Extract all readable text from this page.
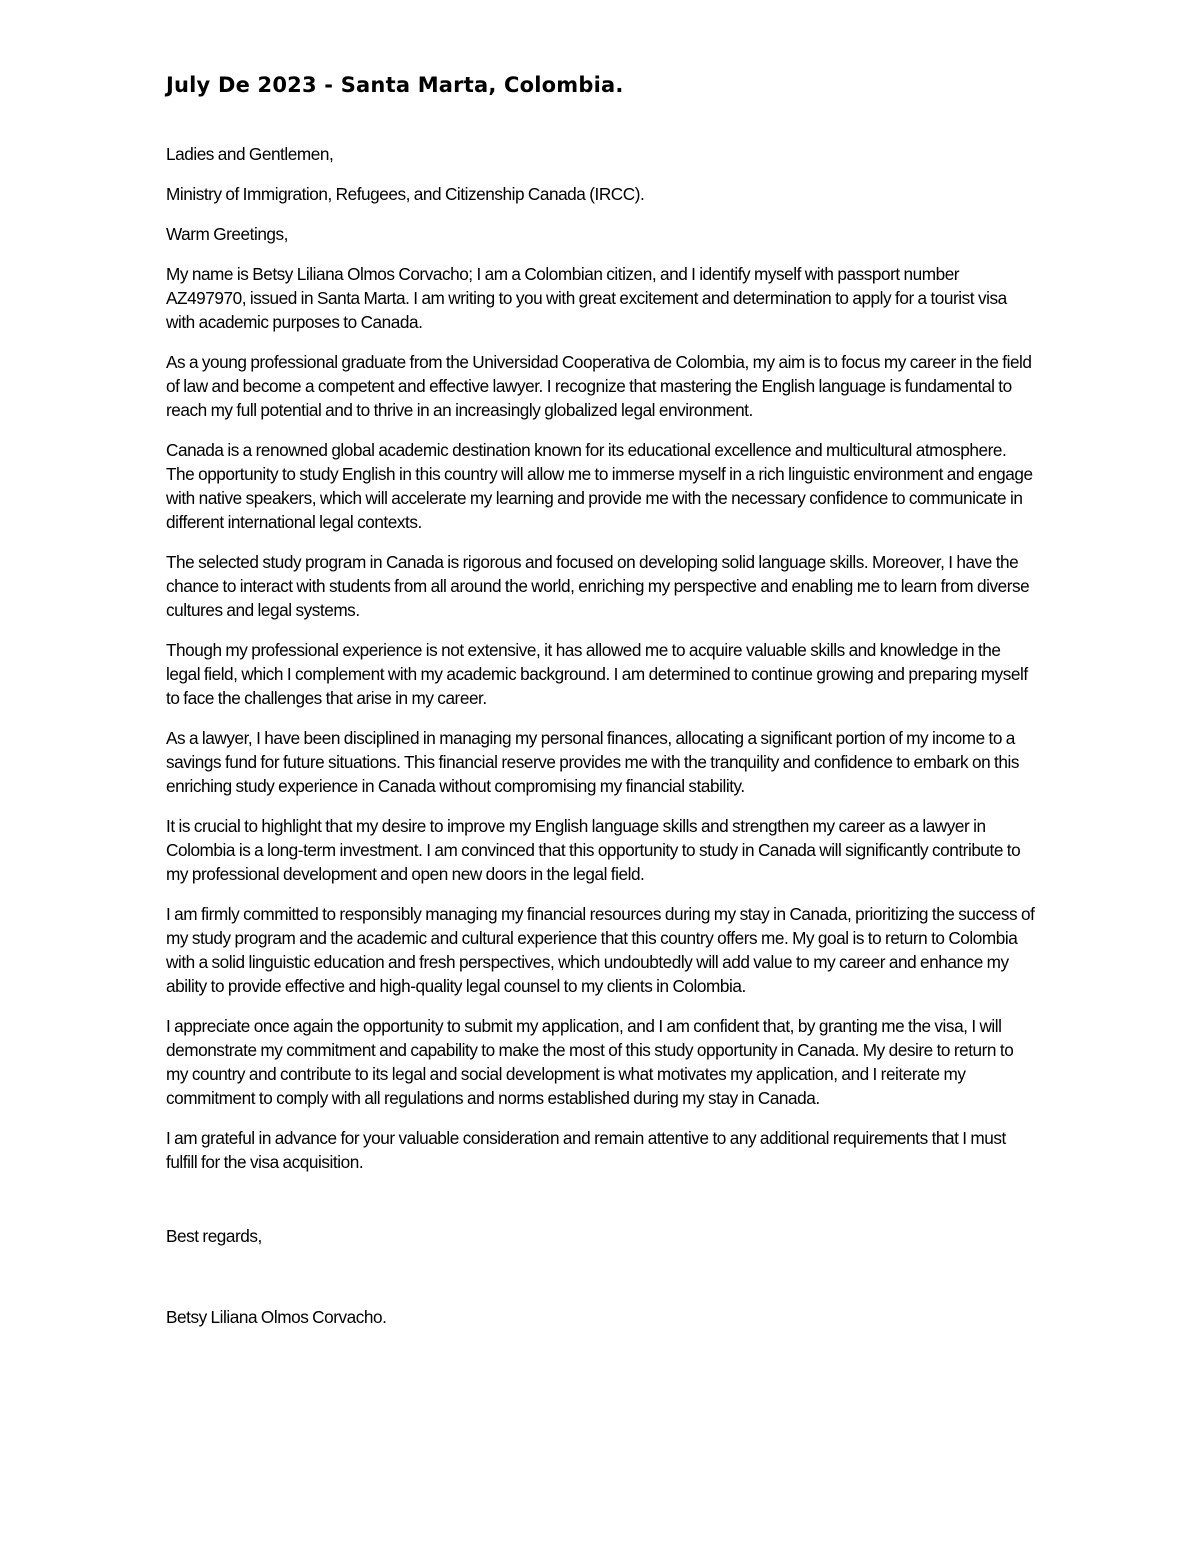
July De 2023 - Santa Marta, Colombia.

Ladies and Gentlemen,

Ministry of Immigration, Refugees, and Citizenship Canada (IRCC).

Warm Greetings,

My name is Betsy Liliana Olmos Corvacho; I am a Colombian citizen, and I identify myself with passport number AZ497970, issued in Santa Marta. I am writing to you with great excitement and determination to apply for a tourist visa with academic purposes to Canada.

As a young professional graduate from the Universidad Cooperativa de Colombia, my aim is to focus my career in the field of law and become a competent and effective lawyer. I recognize that mastering the English language is fundamental to reach my full potential and to thrive in an increasingly globalized legal environment.

Canada is a renowned global academic destination known for its educational excellence and multicultural atmosphere. The opportunity to study English in this country will allow me to immerse myself in a rich linguistic environment and engage with native speakers, which will accelerate my learning and provide me with the necessary confidence to communicate in different international legal contexts.

The selected study program in Canada is rigorous and focused on developing solid language skills. Moreover, I have the chance to interact with students from all around the world, enriching my perspective and enabling me to learn from diverse cultures and legal systems.

Though my professional experience is not extensive, it has allowed me to acquire valuable skills and knowledge in the legal field, which I complement with my academic background. I am determined to continue growing and preparing myself to face the challenges that arise in my career.

As a lawyer, I have been disciplined in managing my personal finances, allocating a significant portion of my income to a savings fund for future situations. This financial reserve provides me with the tranquility and confidence to embark on this enriching study experience in Canada without compromising my financial stability.

It is crucial to highlight that my desire to improve my English language skills and strengthen my career as a lawyer in Colombia is a long-term investment. I am convinced that this opportunity to study in Canada will significantly contribute to my professional development and open new doors in the legal field.

I am firmly committed to responsibly managing my financial resources during my stay in Canada, prioritizing the success of my study program and the academic and cultural experience that this country offers me. My goal is to return to Colombia with a solid linguistic education and fresh perspectives, which undoubtedly will add value to my career and enhance my ability to provide effective and high-quality legal counsel to my clients in Colombia.

I appreciate once again the opportunity to submit my application, and I am confident that, by granting me the visa, I will demonstrate my commitment and capability to make the most of this study opportunity in Canada. My desire to return to my country and contribute to its legal and social development is what motivates my application, and I reiterate my commitment to comply with all regulations and norms established during my stay in Canada.

I am grateful in advance for your valuable consideration and remain attentive to any additional requirements that I must fulfill for the visa acquisition.

Best regards,

Betsy Liliana Olmos Corvacho.
